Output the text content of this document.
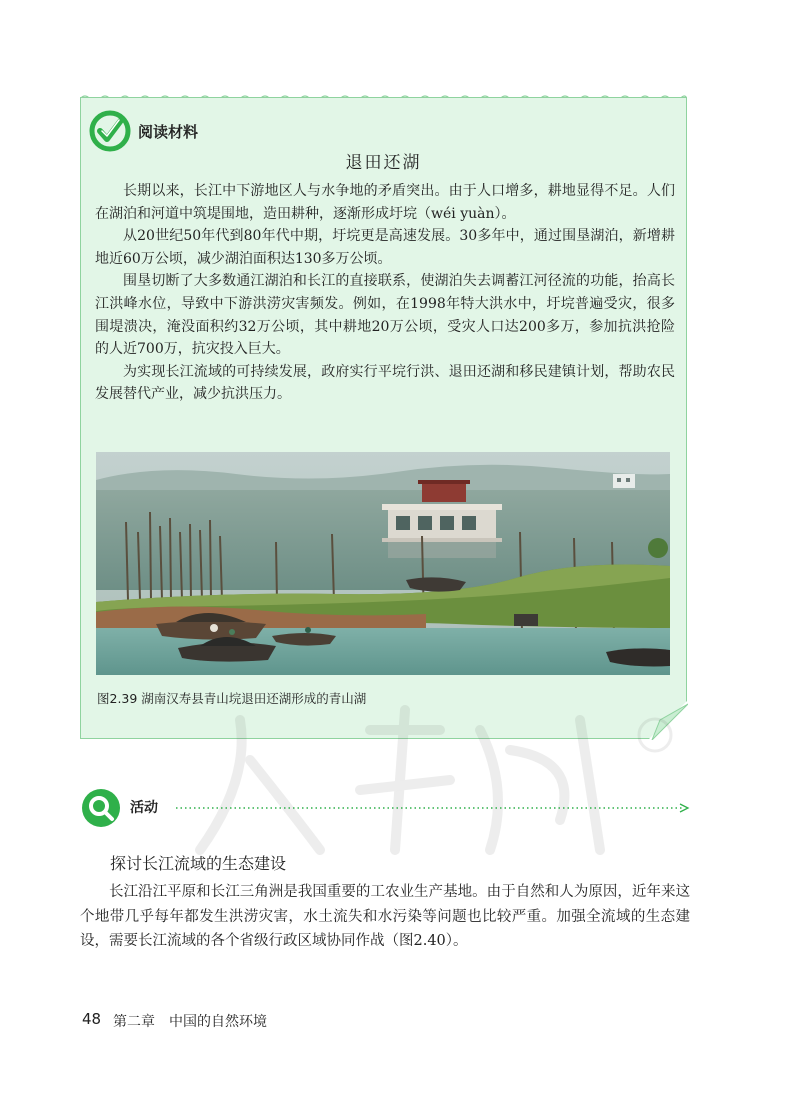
阅读材料
退田还湖

长期以来，长江中下游地区人与水争地的矛盾突出。由于人口增多，耕地显得不足。人们在湖泊和河道中筑堤围地，造田耕种，逐渐形成圩垸（wéi yuàn）。

从20世纪50年代到80年代中期，圩垸更是高速发展。30多年中，通过围垦湖泊，新增耕地近60万公顷，减少湖泊面积达130多万公顷。

围垦切断了大多数通江湖泊和长江的直接联系，使湖泊失去调蓄江河径流的功能，抬高长江洪峰水位，导致中下游洪涝灾害频发。例如，在1998年特大洪水中，圩垸普遍受灾，很多围堤溃决，淹没面积约32万公顷，其中耕地20万公顷，受灾人口达200多万，参加抗洪抢险的人近700万，抗灾投入巨大。

为实现长江流域的可持续发展，政府实行平垸行洪、退田还湖和移民建镇计划，帮助农民发展替代产业，减少抗洪压力。

图2.39 湖南汉寿县青山垸退田还湖形成的青山湖
活动
探讨长江流域的生态建设

长江沿江平原和长江三角洲是我国重要的工农业生产基地。由于自然和人为原因，近年来这个地带几乎每年都发生洪涝灾害，水土流失和水污染等问题也比较严重。加强全流域的生态建设，需要长江流域的各个省级行政区域协同作战（图2.40）。

48 第二章　中国的自然环境
